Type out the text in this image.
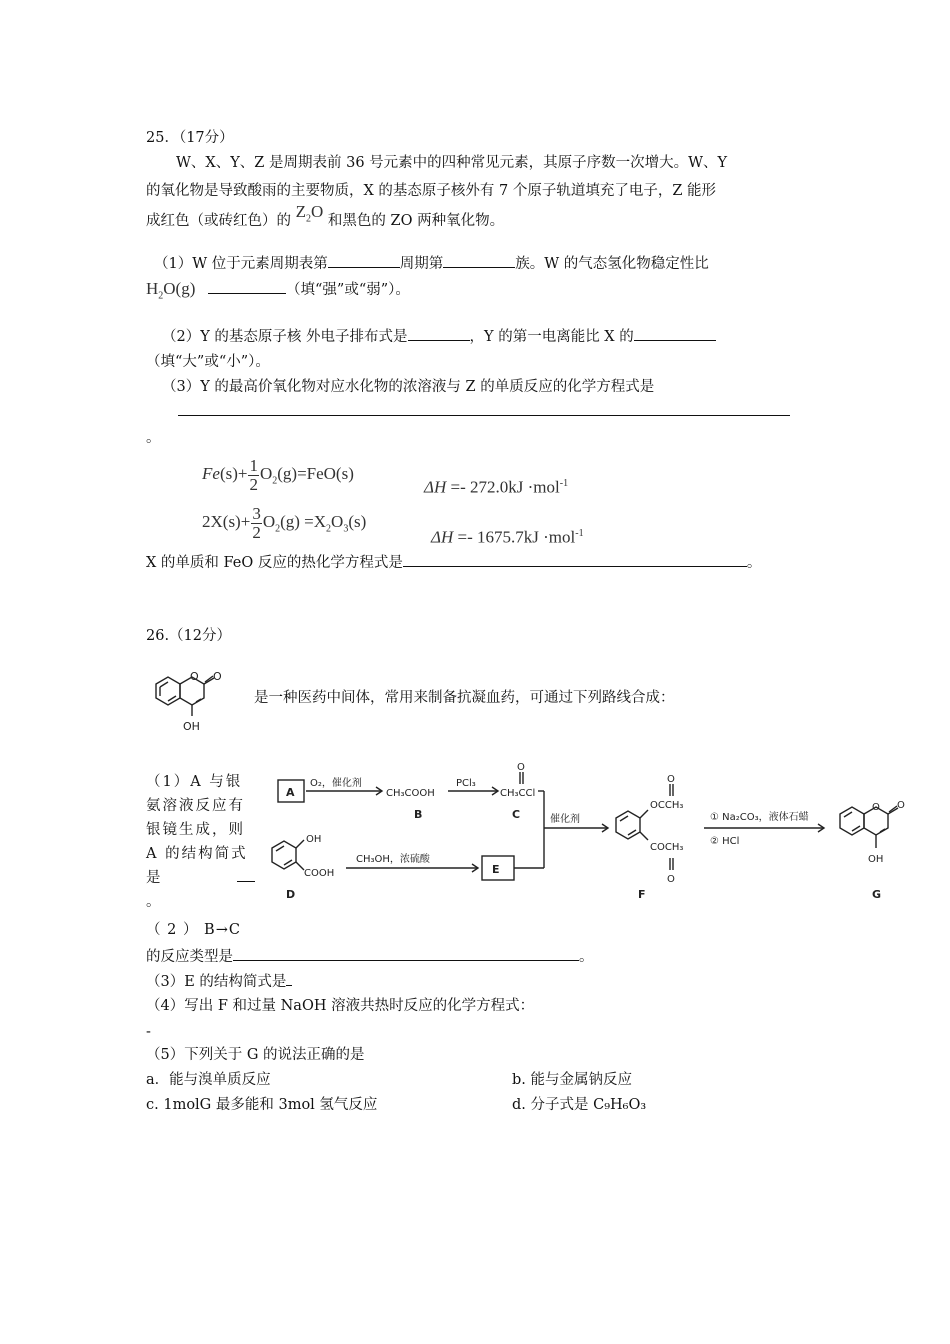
25．（17分）
W、X、Y、Z 是周期表前 36 号元素中的四种常见元素，其原子序数一次增大。W、Y
的氧化物是导致酸雨的主要物质，X 的基态原子核外有 7 个原子轨道填充了电子，Z 能形
成红色（或砖红色）的 $Z_2O$ 和黑色的 ZO 两种氧化物。
（1）W 位于元素周期表第	周期第	族。W 的气态氢化物稳定性比
$H_2O(g)$	（填“强”或“弱”）。
（2）Y 的基态原子核 外电子排布式是	，Y 的第一电离能比 X 的
（填“大”或“小”）。
（3）Y 的最高价氧化物对应水化物的浓溶液与 Z 的单质反应的化学方程式是
。
$Fe(s)+ \frac{1}{2} O_2(g)=FeO(s)$
ΔH =- 272.0kJ ·mol$^{-1}$
$2X(s)+ \frac{3}{2} O_2(g) =X_2O_3(s)$
ΔH =- 1675.7kJ ·mol$^{-1}$
X 的单质和 FeO 反应的热化学方程式是	。
26.（12分）
O O
OH
是一种医药中间体，常用来制备抗凝血药，可通过下列路线合成：
（1）A 与银
氨溶液反应有
银镜生成，则
A 的结构简式
是
。
A
O₂，催化剂
CH₃COOH
B
PCl₃
O
CH₃CCl
C
OH
COOH
D
CH₃OH，浓硫酸
E
催化剂
O
OCCH₃
COCH₃
O
F
① Na₂CO₃，液体石蜡
② HCl
O O
OH
G
（ 2 ） B→C
的反应类型是	。
（3）E 的结构简式是
（4）写出 F 和过量 NaOH 溶液共热时反应的化学方程式：
-
（5）下列关于 G 的说法正确的是
a．能与溴单质反应	b. 能与金属钠反应
c. 1molG 最多能和 3mol 氢气反应	d. 分子式是 C₉H₆O₃
